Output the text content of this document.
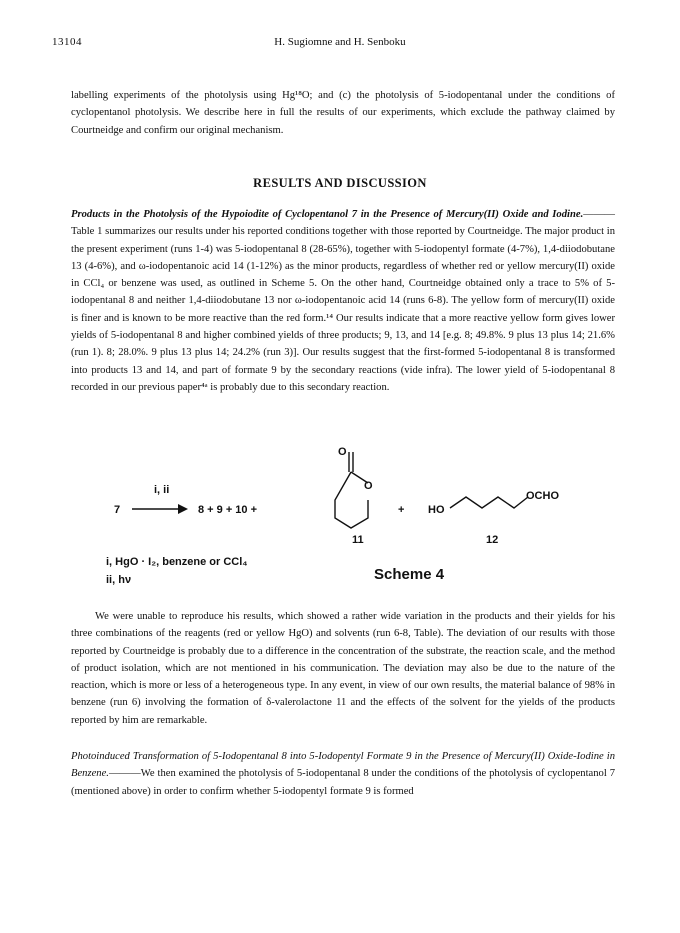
13104	H. Sugiomne and H. Senboku

labelling experiments of the photolysis using Hg¹⁸O; and (c) the photolysis of 5-iodopentanal under the conditions of cyclopentanol photolysis. We describe here in full the results of our experiments, which exclude the pathway claimed by Courtneidge and confirm our original mechanism.

RESULTS AND DISCUSSION

Products in the Photolysis of the Hypoiodite of Cyclopentanol 7 in the Presence of Mercury(II) Oxide and Iodine.———Table 1 summarizes our results under his reported conditions together with those reported by Courtneidge. The major product in the present experiment (runs 1-4) was 5-iodopentanal 8 (28-65%), together with 5-iodopentyl formate (4-7%), 1,4-diiodobutane 13 (4-6%), and ω-iodopentanoic acid 14 (1-12%) as the minor products, regardless of whether red or yellow mercury(II) oxide in CCl₄ or benzene was used, as outlined in Scheme 5. On the other hand, Courtneidge obtained only a trace to 5% of 5-iodopentanal 8 and neither 1,4-diiodobutane 13 nor ω-iodopentanoic acid 14 (runs 6-8). The yellow form of mercury(II) oxide is finer and is known to be more reactive than the red form.¹⁴ Our results indicate that a more reactive yellow form gives lower yields of 5-iodopentanal 8 and higher combined yields of three products; 9, 13, and 14 [e.g. 8; 49.8%. 9 plus 13 plus 14; 21.6% (run 1). 8; 28.0%. 9 plus 13 plus 14; 24.2% (run 3)]. Our results suggest that the first-formed 5-iodopentanal 8 is transformed into products 13 and 14, and part of formate 9 by the secondary reactions (vide infra). The lower yield of 5-iodopentanal 8 recorded in our previous paper⁴ᵃ is probably due to this secondary reaction.

7
i, ii
→ 8 + 9 + 10 +
O
O
11
+ HO
OCHO
12
i, HgO · I₂, benzene or CCl₄
ii, hν	Scheme 4

We were unable to reproduce his results, which showed a rather wide variation in the products and their yields for his three combinations of the reagents (red or yellow HgO) and solvents (run 6-8, Table). The deviation of our results with those reported by Courtneidge is probably due to a difference in the concentration of the substrate, the reaction scale, and the method of product isolation, which are not mentioned in his communication. The deviation may also be due to the nature of the reaction, which is more or less of a heterogeneous type. In any event, in view of our own results, the material balance of 98% in benzene (run 6) involving the formation of δ-valerolactone 11 and the effects of the solvent for the yields of the products reported by him are remarkable.

Photoinduced Transformation of 5-Iodopentanal 8 into 5-Iodopentyl Formate 9 in the Presence of Mercury(II) Oxide-Iodine in Benzene.———We then examined the photolysis of 5-iodopentanal 8 under the conditions of the photolysis of cyclopentanol 7 (mentioned above) in order to confirm whether 5-iodopentyl formate 9 is formed
